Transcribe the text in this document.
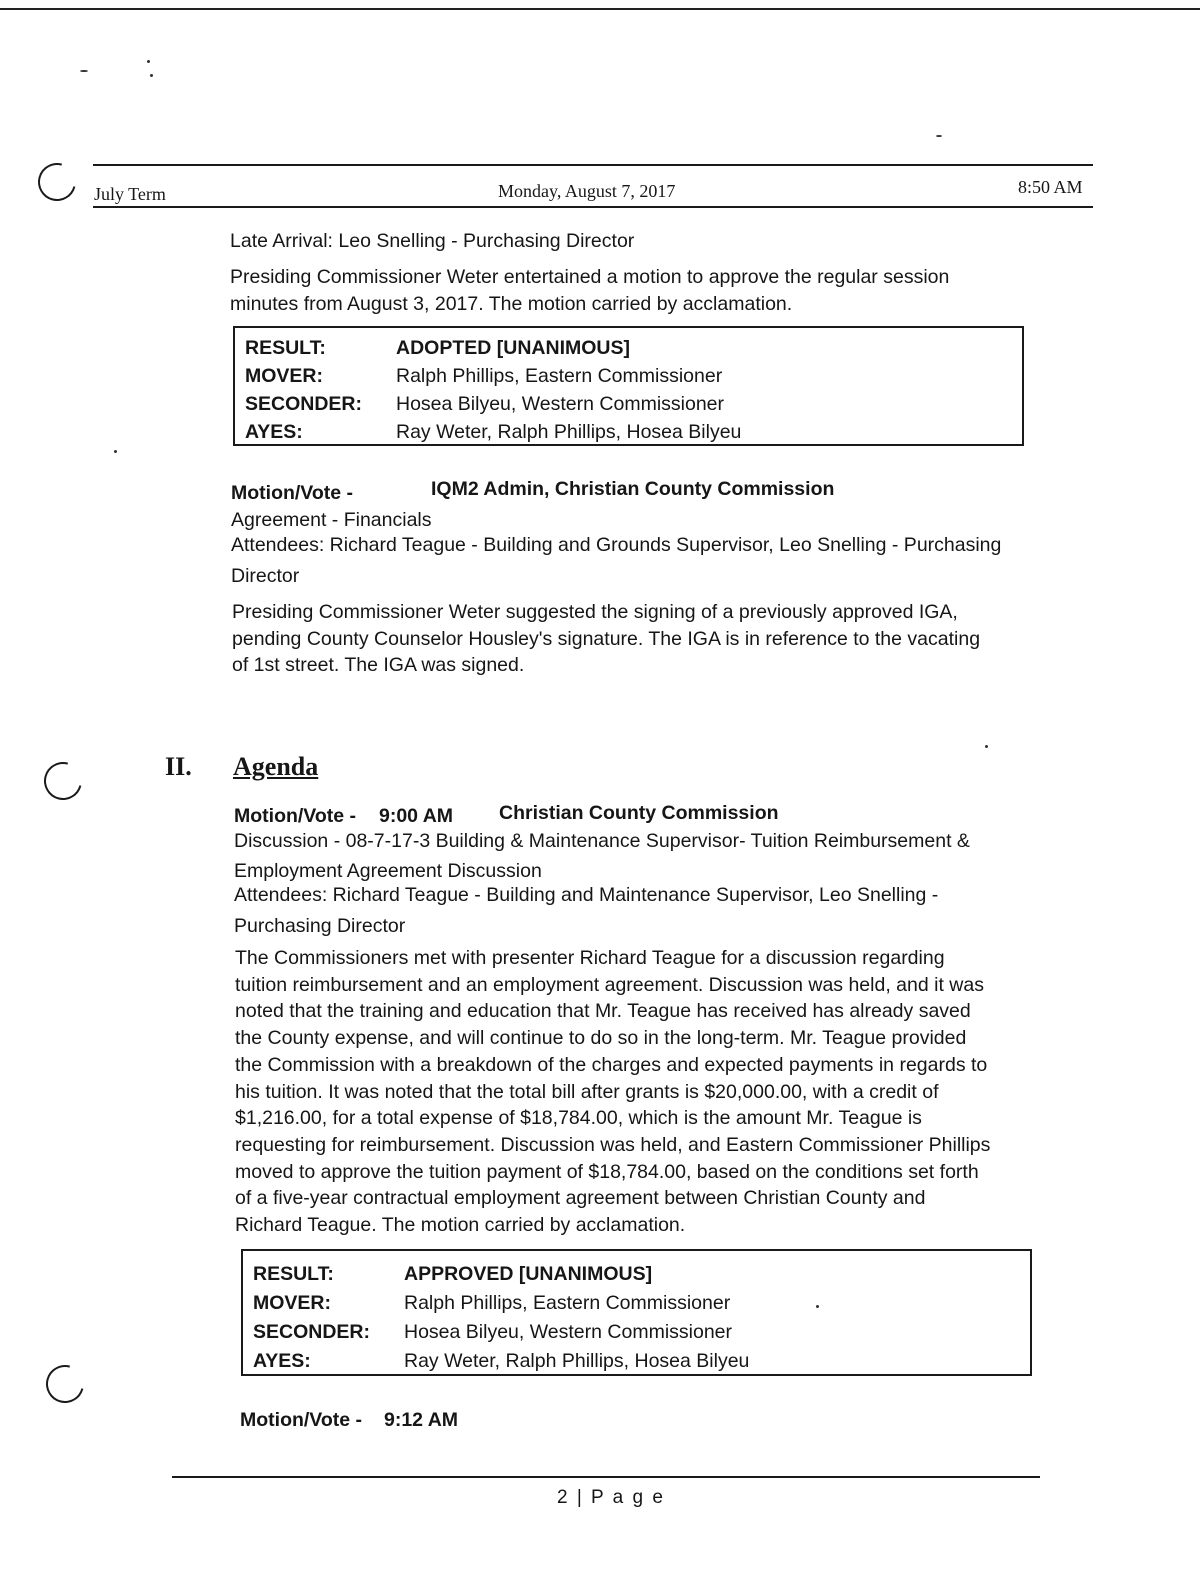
July Term	Monday, August 7, 2017	8:50 AM
Late Arrival: Leo Snelling - Purchasing Director
Presiding Commissioner Weter entertained a motion to approve the regular session
minutes from August 3, 2017. The motion carried by acclamation.
RESULT:	ADOPTED [UNANIMOUS]
MOVER:	Ralph Phillips, Eastern Commissioner
SECONDER: Hosea Bilyeu, Western Commissioner
AYES:	Ray Weter, Ralph Phillips, Hosea Bilyeu
Motion/Vote -	IQM2 Admin, Christian County Commission
Agreement - Financials
Attendees: Richard Teague - Building and Grounds Supervisor, Leo Snelling - Purchasing
Director
Presiding Commissioner Weter suggested the signing of a previously approved IGA,
pending County Counselor Housley's signature. The IGA is in reference to the vacating
of 1st street. The IGA was signed.
II. Agenda
Motion/Vote - 9:00 AM Christian County Commission
Discussion - 08-7-17-3 Building & Maintenance Supervisor- Tuition Reimbursement &
Employment Agreement Discussion
Attendees: Richard Teague - Building and Maintenance Supervisor, Leo Snelling -
Purchasing Director
The Commissioners met with presenter Richard Teague for a discussion regarding
tuition reimbursement and an employment agreement. Discussion was held, and it was
noted that the training and education that Mr. Teague has received has already saved
the County expense, and will continue to do so in the long-term. Mr. Teague provided
the Commission with a breakdown of the charges and expected payments in regards to
his tuition. It was noted that the total bill after grants is $20,000.00, with a credit of
$1,216.00, for a total expense of $18,784.00, which is the amount Mr. Teague is
requesting for reimbursement. Discussion was held, and Eastern Commissioner Phillips
moved to approve the tuition payment of $18,784.00, based on the conditions set forth
of a five-year contractual employment agreement between Christian County and
Richard Teague. The motion carried by acclamation.
RESULT:	APPROVED [UNANIMOUS]
MOVER:	Ralph Phillips, Eastern Commissioner
SECONDER: Hosea Bilyeu, Western Commissioner
AYES:	Ray Weter, Ralph Phillips, Hosea Bilyeu
Motion/Vote - 9:12 AM
2 | P a g e
